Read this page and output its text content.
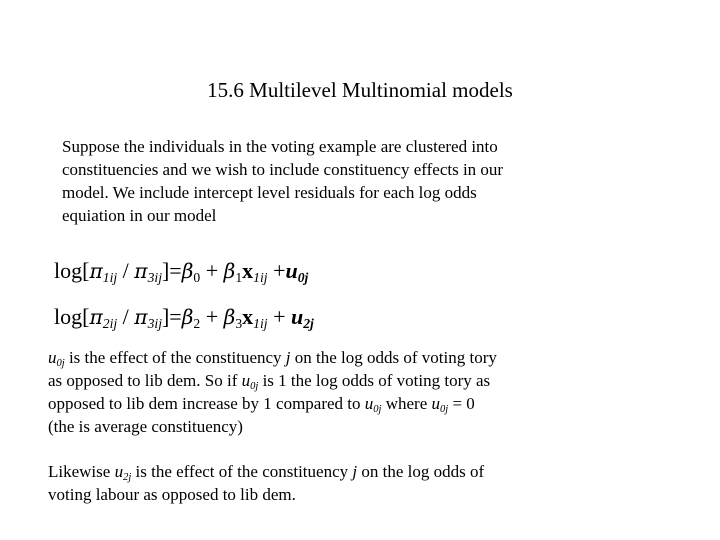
15.6 Multilevel Multinomial models
Suppose the individuals in the voting example are clustered into
constituencies and we wish to include constituency effects in our
model. We include intercept level residuals for each log odds
equiation in our model
$\log[\pi_{1ij} / \pi_{3ij}]=\beta_0 + \beta_1x_{1ij} +u_{0j}$
$\log[\pi_{2ij} / \pi_{3ij}]=\beta_2 + \beta_3x_{1ij} + u_{2j}$
$u_{0j}$ is the effect of the constituency j on the log odds of voting tory
as opposed to lib dem. So if $u_{0j}$ is 1 the log odds of voting tory as
opposed to lib dem increase by 1 compared to $u_{0j}$ where $u_{0j} = 0$
(the is average constituency)
Likewise $u_{2j}$ is the effect of the constituency j on the log odds of
voting labour as opposed to lib dem.
